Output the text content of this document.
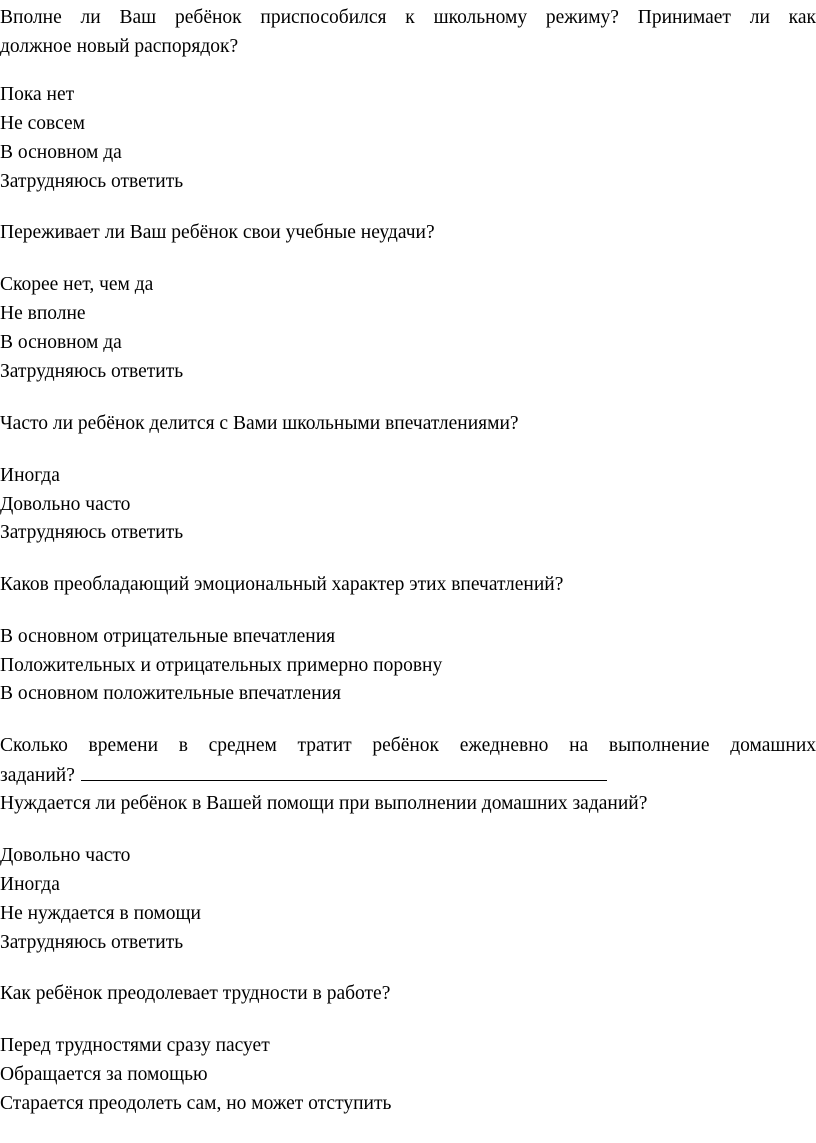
Вполне ли Ваш ребёнок приспособился к школьному режиму? Принимает ли как
должное новый распорядок?
Пока нет
Не совсем
В основном да
Затрудняюсь ответить
Переживает ли Ваш ребёнок свои учебные неудачи?
Скорее нет, чем да
Не вполне
В основном да
Затрудняюсь ответить
Часто ли ребёнок делится с Вами школьными впечатлениями?
Иногда
Довольно часто
Затрудняюсь ответить
Каков преобладающий эмоциональный характер этих впечатлений?
В основном отрицательные впечатления
Положительных и отрицательных примерно поровну
В основном положительные впечатления
Сколько времени в среднем тратит ребёнок ежедневно на выполнение домашних
заданий?
Нуждается ли ребёнок в Вашей помощи при выполнении домашних заданий?
Довольно часто
Иногда
Не нуждается в помощи
Затрудняюсь ответить
Как ребёнок преодолевает трудности в работе?
Перед трудностями сразу пасует
Обращается за помощью
Старается преодолеть сам, но может отступить
